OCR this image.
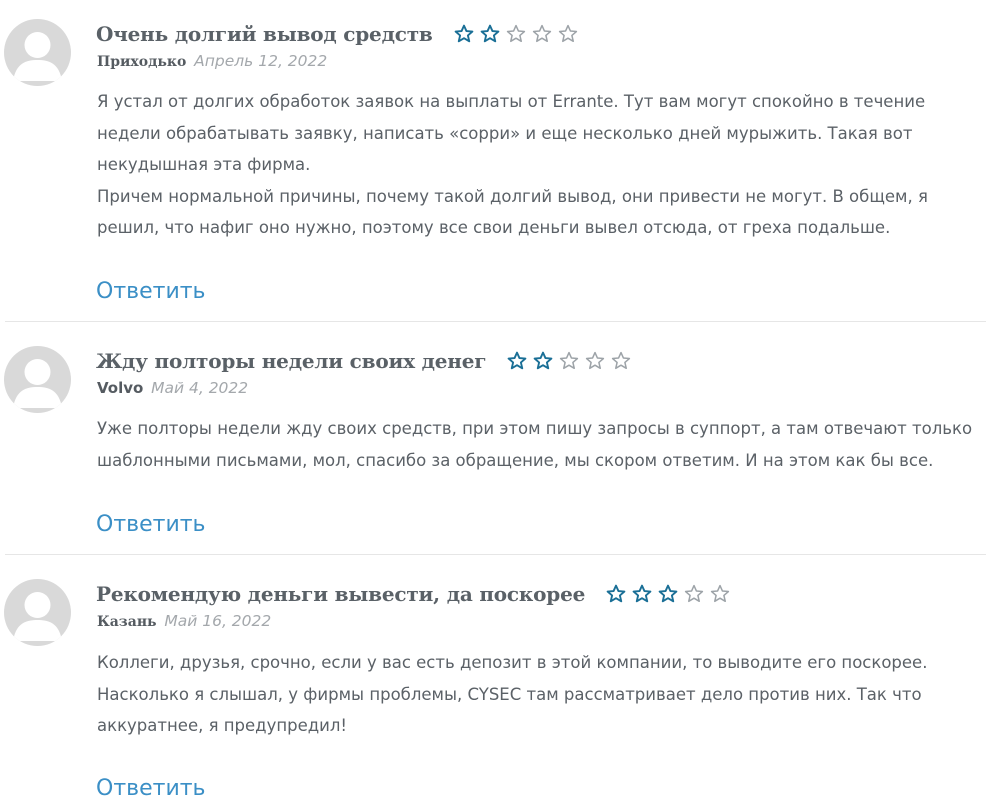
Очень долгий вывод средств
Приходько Апрель 12, 2022

Я устал от долгих обработок заявок на выплаты от Errante. Тут вам могут спокойно в течение недели обрабатывать заявку, написать «сорри» и еще несколько дней мурыжить. Такая вот некудышная эта фирма.

Причем нормальной причины, почему такой долгий вывод, они привести не могут. В общем, я решил, что нафиг оно нужно, поэтому все свои деньги вывел отсюда, от греха подальше.

Ответить
Жду полторы недели своих денег
Volvo Май 4, 2022

Уже полторы недели жду своих средств, при этом пишу запросы в суппорт, а там отвечают только шаблонными письмами, мол, спасибо за обращение, мы скором ответим. И на этом как бы все.

Ответить
Рекомендую деньги вывести, да поскорее
Казань Май 16, 2022

Коллеги, друзья, срочно, если у вас есть депозит в этой компании, то выводите его поскорее. Насколько я слышал, у фирмы проблемы, CYSEC там рассматривает дело против них. Так что аккуратнее, я предупредил!

Ответить
